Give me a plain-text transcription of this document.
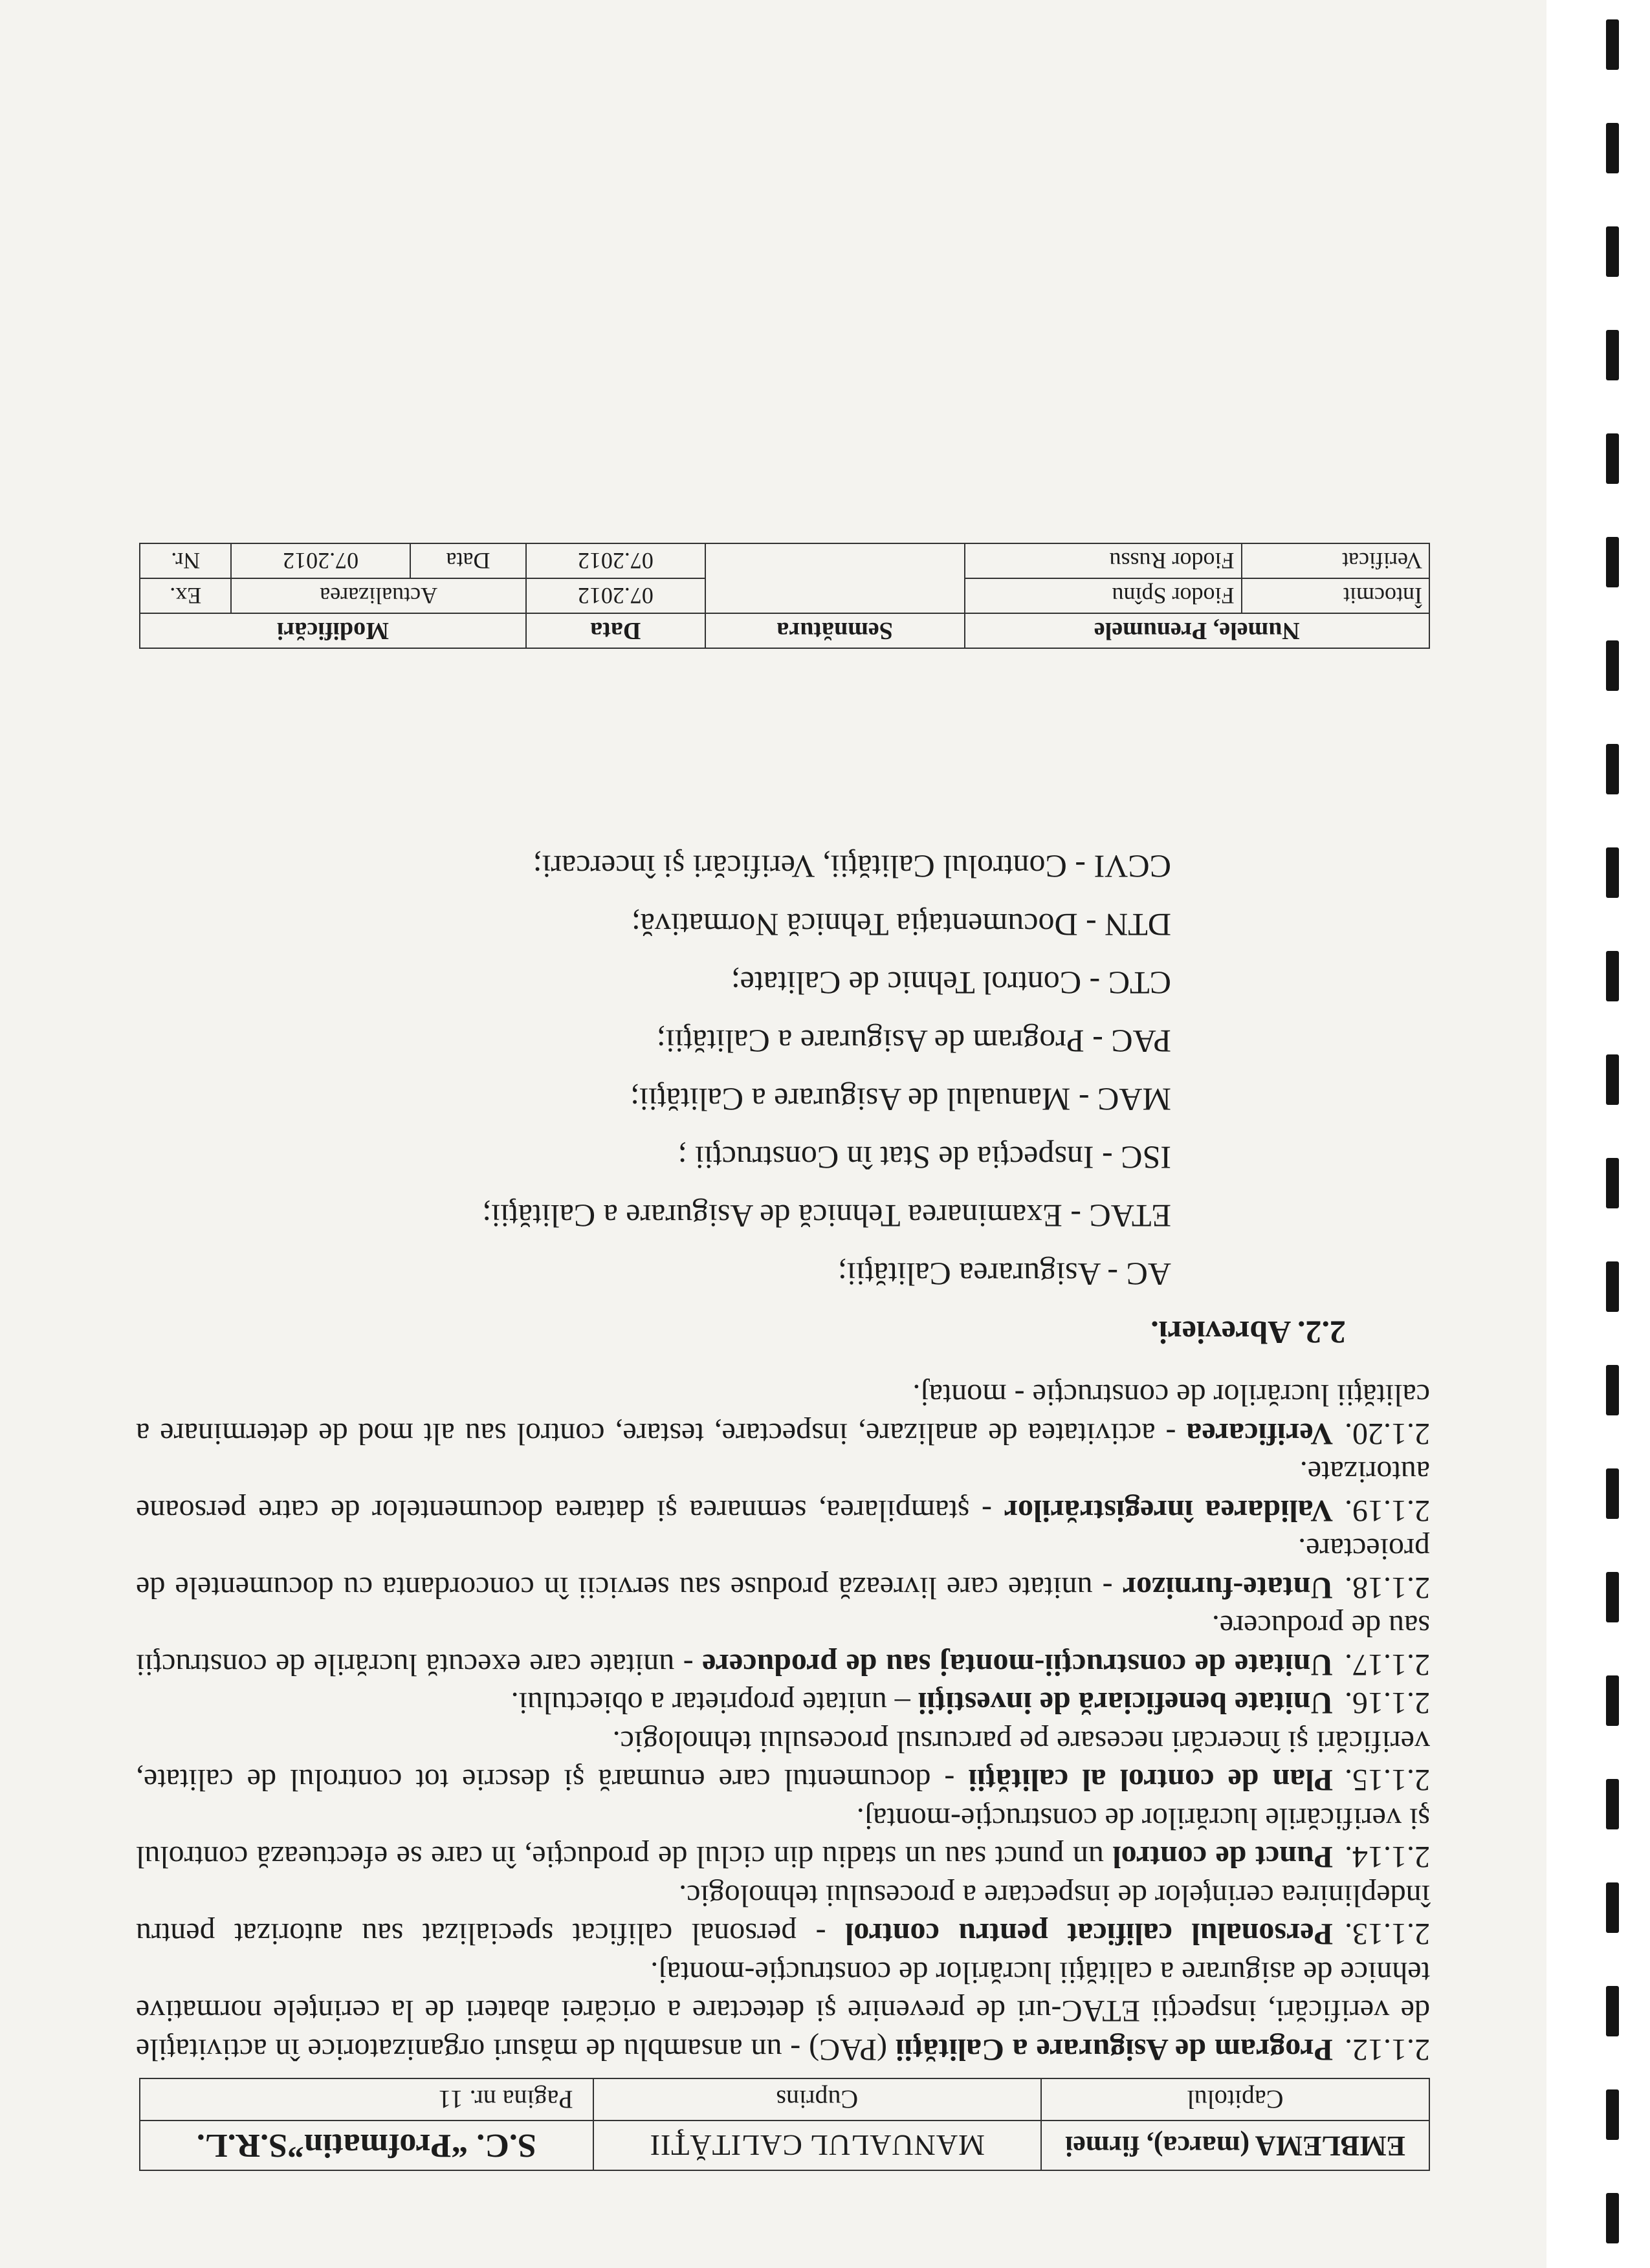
EMBLEMA (marca), firmei	MANUALUL CALITĂŢII	S.C. “Profmatin”S.R.L.
Capitolul	Cuprins	Pagina nr. 11

2.1.12.Program de Asigurare a Calităţii (PAC) - un ansamblu de măsuri organizatorice în activitaţile de verificări, inspecţii ETAC-uri de prevenire şi detectare a oricărei abateri de la cerinţele normative tehnice de asigurare a calităţii lucrărilor de construcţie-montaj.

2.1.13.Personalul calificat pentru control - personal calificat specializat sau autorizat pentru îndeplinirea cerinţelor de inspectare a procesului tehnologic.

2.1.14.Punct de control un punct sau un stadiu din ciclul de producţie, în care se efectuează controlul şi verificările lucrărilor de construcţie-montaj.

2.1.15.Plan de control al calităţii - documentul care enumară şi descrie tot controlul de calitate, verificări şi încercări necesare pe parcursul procesului tehnologic.

2.1.16.Unitate beneficiară de investiţii – unitate proprietar a obiectului.

2.1.17.Unitate de construcţii-montaj sau de producere - unitate care execută lucrările de construcţii sau de producere.

2.1.18.Untate-furnizor - unitate care livrează produse sau servicii în concordanta cu documentele de proiectare.

2.1.19.Validarea înregistrărilor - ştampilarea, semnarea şi datarea documentelor de catre persoane autorizate.

2.1.20.Verificarea - activitatea de analizare, inspectare, testare, control sau alt mod de determinare a calităţii lucrărilor de construcţie - montaj.

2.2. Abrevieri.
AC - Asigurarea Calităţii;
ETAC - Examinarea Tehnică de Asigurare a Calităţii;
ISC - Inspecţia de Stat în Construcţii ;
MAC - Manualul de Asigurare a Calităţii;
PAC - Program de Asigurare a Calităţii;
CTC - Control Tehnic de Calitate;
DTN - Documentaţia Tehnică Normativă;
CCVI - Controlul Calităţii, Verificări şi încercari;
Numele, Prenumele		Semnătura	Data	Modificări		
Întocmit	Fiodor Spînu		07.2012	Actualizarea		Ex.
Verificat	Fiodor Russu		07.2012	Data	07.2012	Nr.
